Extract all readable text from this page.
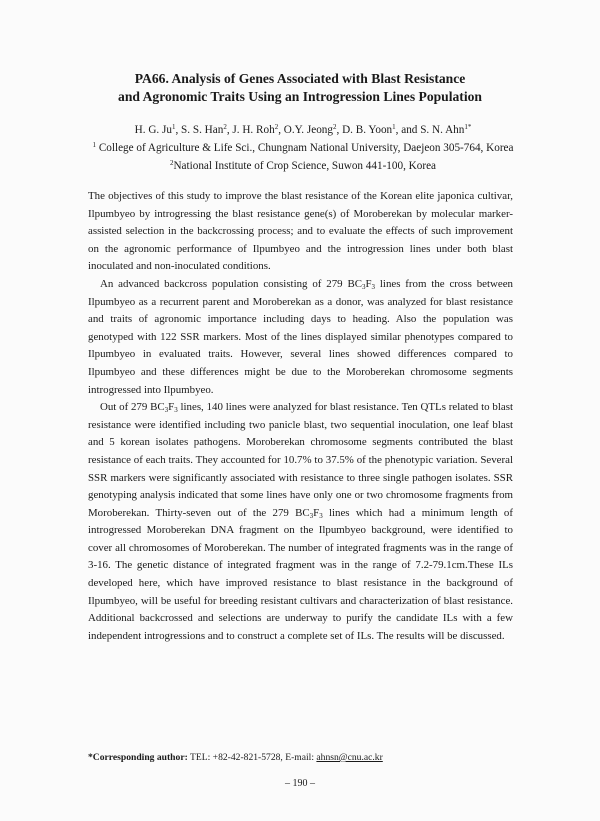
PA66. Analysis of Genes Associated with Blast Resistance
and Agronomic Traits Using an Introgression Lines Population
H. G. Ju$^1$, S. S. Han$^2$, J. H. Roh$^2$, O.Y. Jeong$^2$, D. B. Yoon$^1$, and S. N. Ahn$^{1*}$
$^1$ College of Agriculture & Life Sci., Chungnam National University, Daejeon 305-764, Korea
$^2$National Institute of Crop Science, Suwon 441-100, Korea

The objectives of this study to improve the blast resistance of the Korean elite japonica cultivar, Ilpumbyeo by introgressing the blast resistance gene(s) of Moroberekan by molecular marker-assisted selection in the backcrossing process; and to evaluate the effects of such improvement on the agronomic performance of Ilpumbyeo and the introgression lines under both blast inoculated and non-inoculated conditions.

An advanced backcross population consisting of 279 $BC_3F_3$ lines from the cross between Ilpumbyeo as a recurrent parent and Moroberekan as a donor, was analyzed for blast resistance and traits of agronomic importance including days to heading. Also the population was genotyped with 122 SSR markers. Most of the lines displayed similar phenotypes compared to Ilpumbyeo in evaluated traits. However, several lines showed differences compared to Ilpumbyeo and these differences might be due to the Moroberekan chromosome segments introgressed into Ilpumbyeo.

Out of 279 $BC_3F_3$ lines, 140 lines were analyzed for blast resistance. Ten QTLs related to blast resistance were identified including two panicle blast, two sequential inoculation, one leaf blast and 5 korean isolates pathogens. Moroberekan chromosome segments contributed the blast resistance of each traits. They accounted for 10.7% to 37.5% of the phenotypic variation. Several SSR markers were significantly associated with resistance to three single pathogen isolates. SSR genotyping analysis indicated that some lines have only one or two chromosome fragments from Moroberekan. Thirty-seven out of the 279 $BC_3F_3$ lines which had a minimum length of introgressed Moroberekan DNA fragment on the Ilpumbyeo background, were identified to cover all chromosomes of Moroberekan. The number of integrated fragments was in the range of 3-16. The genetic distance of integrated fragment was in the range of 7.2-79.1cm.These ILs developed here, which have improved resistance to blast resistance in the background of Ilpumbyeo, will be useful for breeding resistant cultivars and characterization of blast resistance. Additional backcrossed and selections are underway to purify the candidate ILs with a few independent introgressions and to construct a complete set of ILs. The results will be discussed.

*Corresponding author: TEL: +82-42-821-5728, E-mail: ahnsn@cnu.ac.kr
– 190 –
